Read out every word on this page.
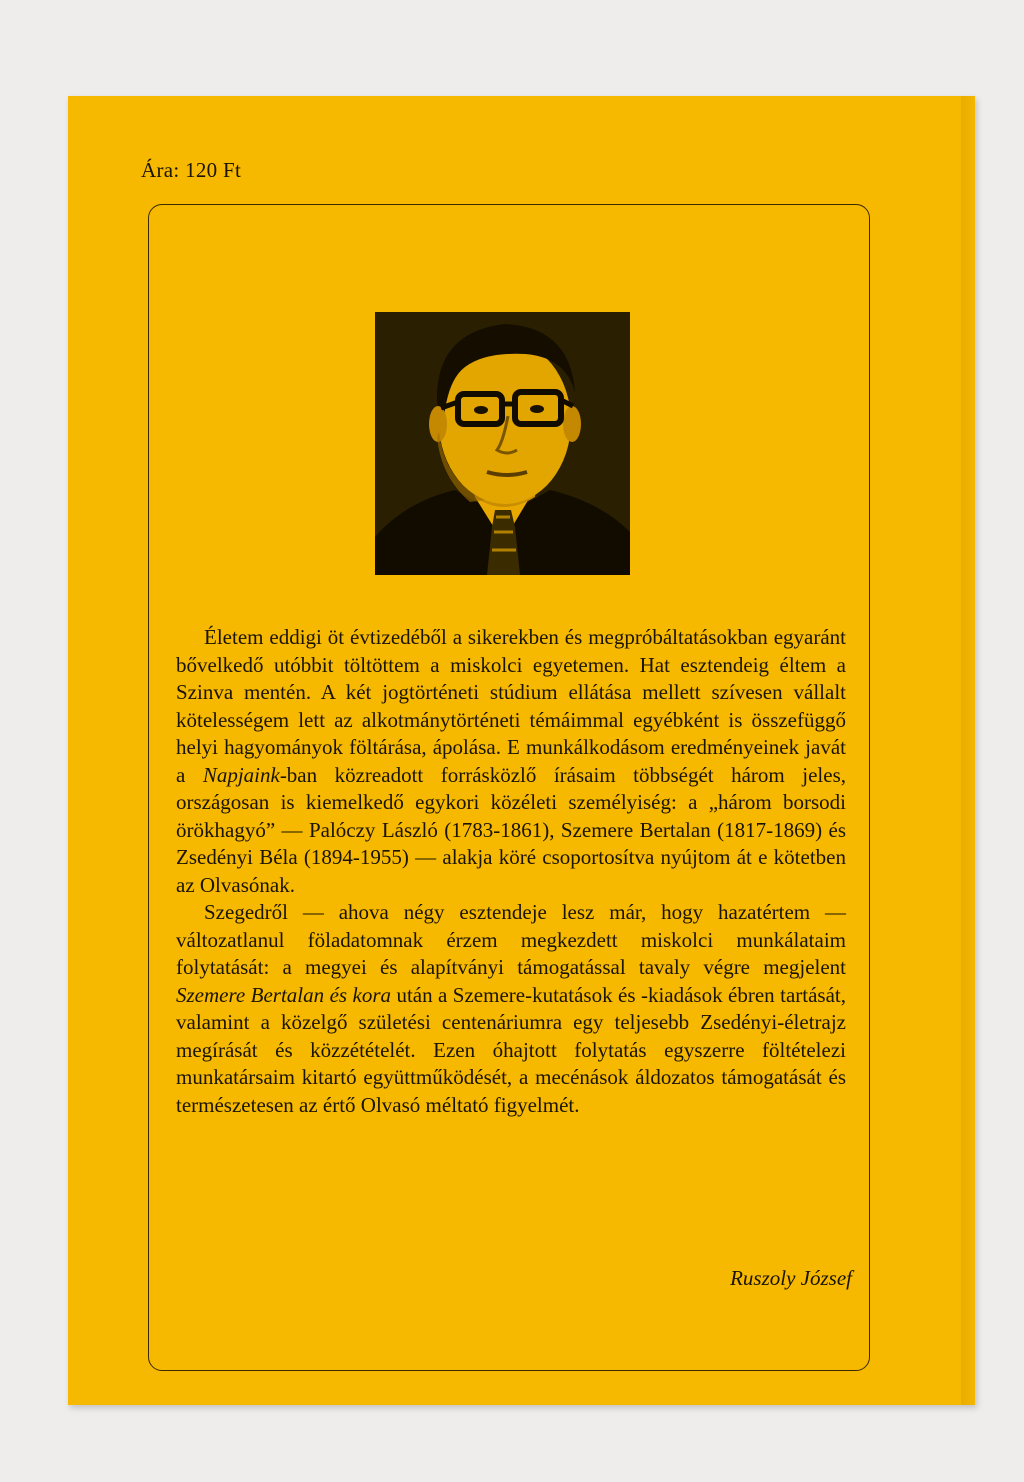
Ára: 120 Ft

Életem eddigi öt évtizedéből a sikerekben és megpróbáltatásokban egyaránt bővelkedő utóbbit töltöttem a miskolci egyetemen. Hat esztendeig éltem a Szinva mentén. A két jogtörténeti stúdium ellátása mellett szívesen vállalt kötelességem lett az alkotmánytörténeti témáimmal egyébként is összefüggő helyi hagyományok föltárása, ápolása. E munkálkodásom eredményeinek javát a Napjaink-ban közreadott forrásközlő írásaim többségét három jeles, országosan is kiemelkedő egykori közéleti személyiség: a „három borsodi örökhagyó” — Palóczy László (1783-1861), Szemere Bertalan (1817-1869) és Zsedényi Béla (1894-1955) — alakja köré csoportosítva nyújtom át e kötetben az Olvasónak.

Szegedről — ahova négy esztendeje lesz már, hogy hazatértem — változatlanul föladatomnak érzem megkezdett miskolci munkálataim folytatását: a megyei és alapítványi támogatással tavaly végre megjelent Szemere Bertalan és kora után a Szemere-kutatások és -kiadások ébren tartását, valamint a közelgő születési centenáriumra egy teljesebb Zsedényi-életrajz megírását és közzétételét. Ezen óhajtott folytatás egyszerre föltételezi munkatársaim kitartó együttműködését, a mecénások áldozatos támogatását és természetesen az értő Olvasó méltató figyelmét.

Ruszoly József
